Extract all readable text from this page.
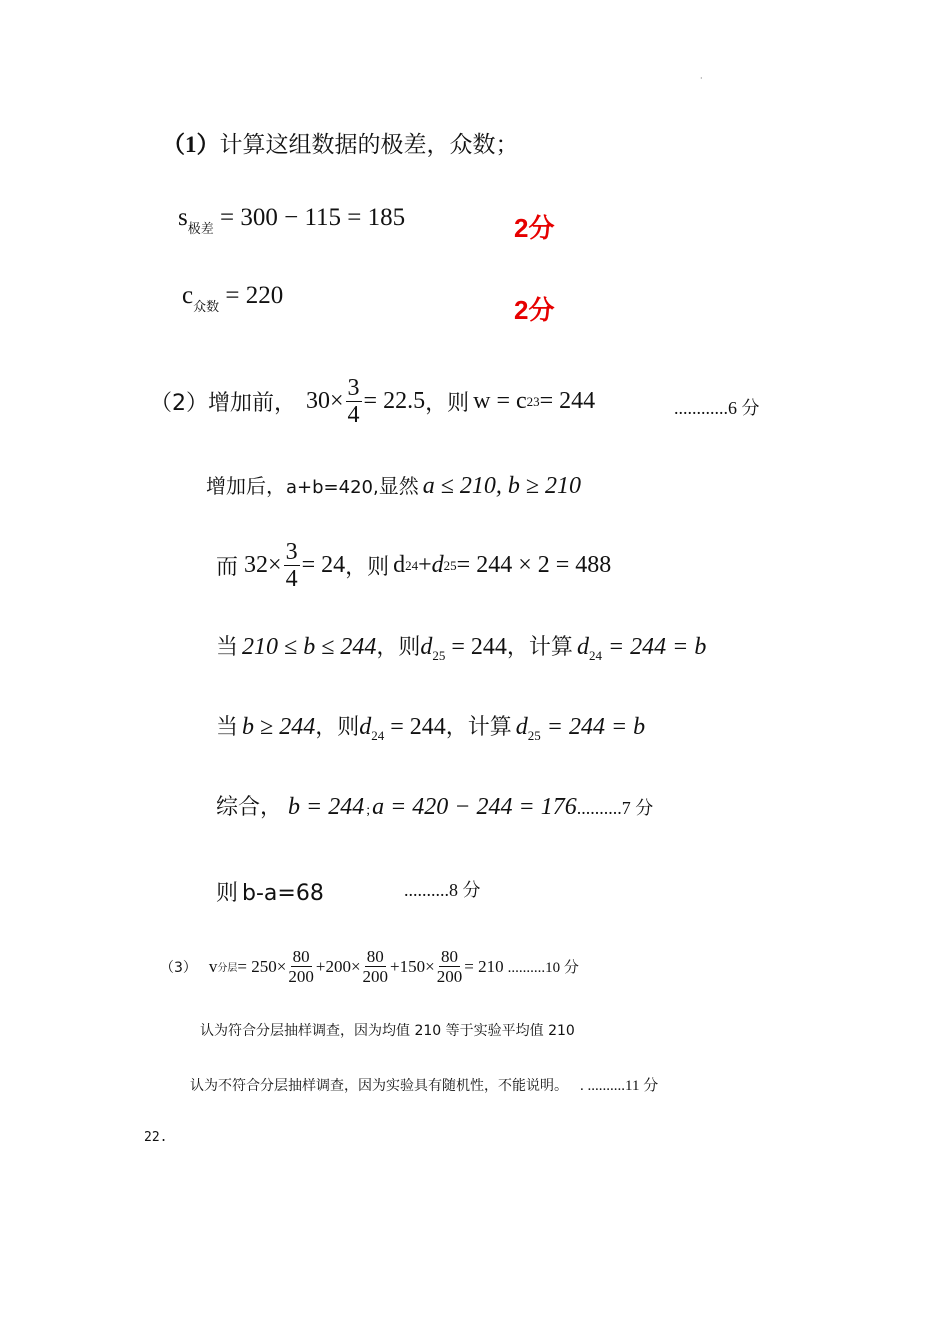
·
（1）计算这组数据的极差，众数；
$s_{极差} = 300 - 115 = 185$	2分
$c_{众数} = 220$	2分
（2）增加前， $30\times \frac{3}{4} = 22.5$ ，则 w = c 23 = 244	............6 分
增加后，a+b=420,显然 a ≤ 210, b ≥ 210
而 $32\times \frac{3}{4} = 24$ ，则 d 24 + d 25 = 244 × 2 = 488
当 210 ≤ b ≤ 244，则$d_{25} = 244$，计算 $d_{24} = 244 = b$
当 b ≥ 244，则$d_{24} = 244$，计算 $d_{25} = 244 = b$
综合， b = 244 ;a = 420 − 244 = 176..........7 分
则 b-a=68	..........8 分
（3） v 分层 = $250\times \frac{80}{200} +200\times \frac{80}{200} +150\times \frac{80}{200} = 210$ ..........10 分
认为符合分层抽样调查，因为均值 210 等于实验平均值 210
认为不符合分层抽样调查，因为实验具有随机性，不能说明。 . ..........11 分
22.
